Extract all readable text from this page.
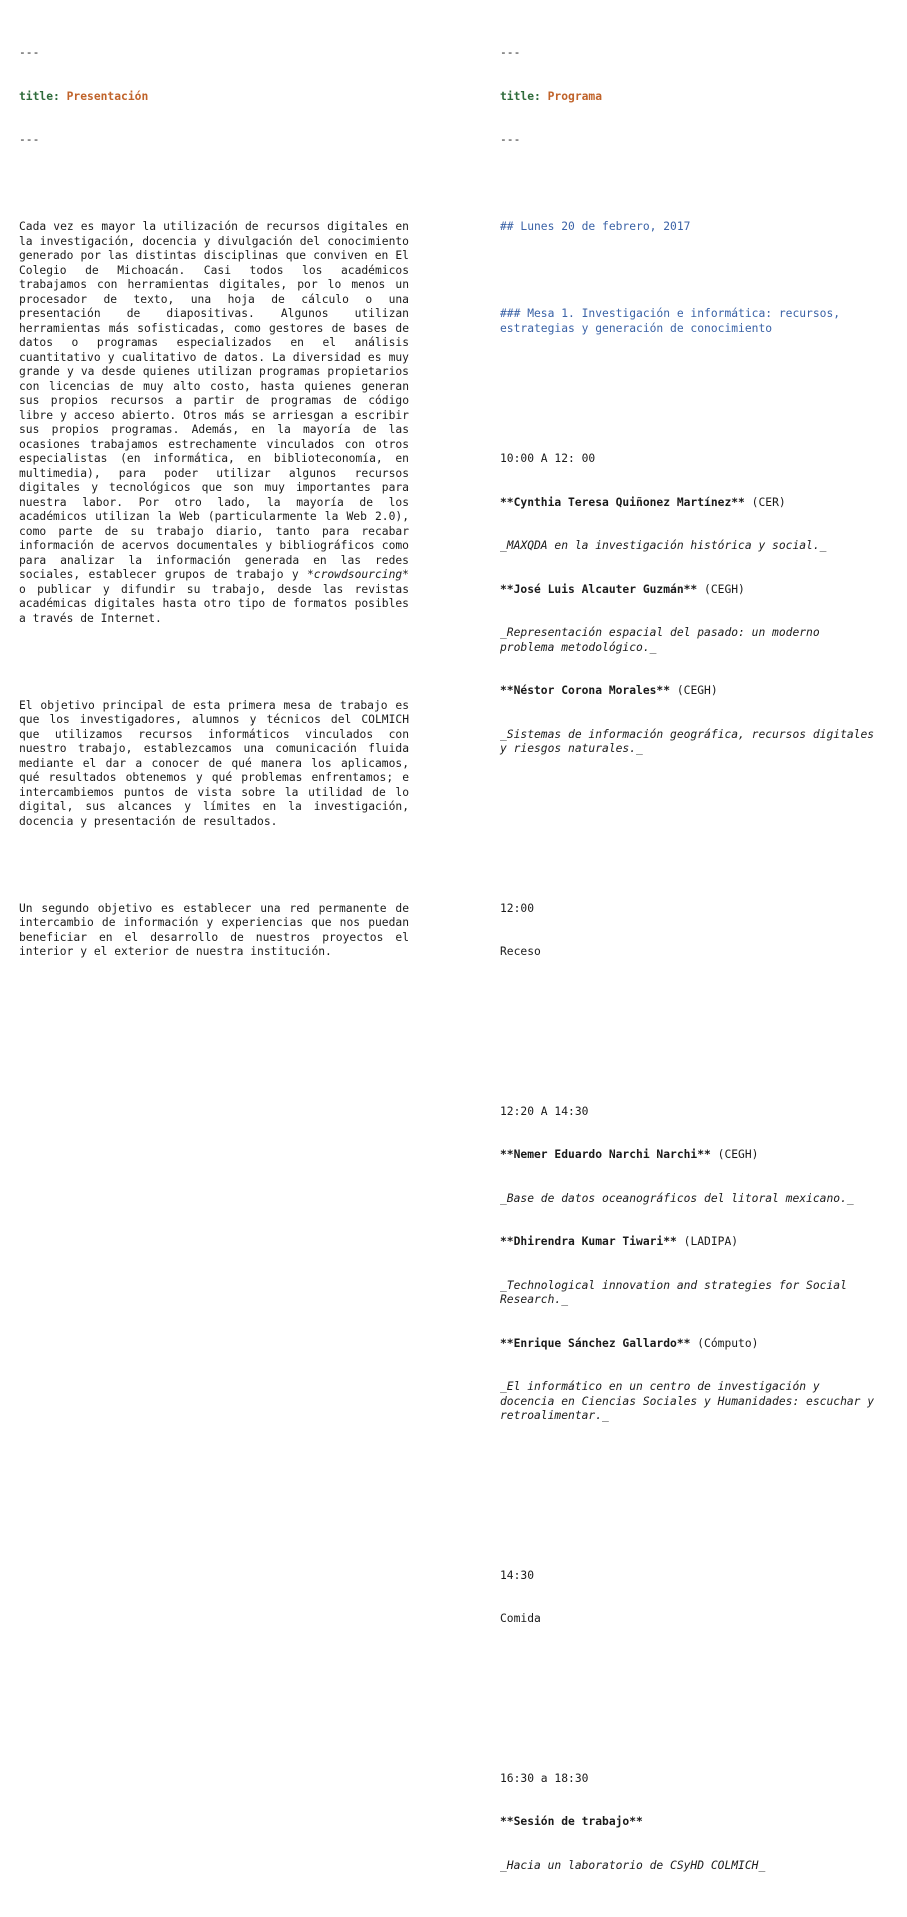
---

title: Presentación

---

Cada vez es mayor la utilización de recursos digitales en la investigación, docencia y divulgación del conocimiento generado por las distintas disciplinas que conviven en El Colegio de Michoacán. Casi todos los académicos trabajamos con herramientas digitales, por lo menos un procesador de texto, una hoja de cálculo o una presentación de diapositivas. Algunos utilizan herramientas más sofisticadas, como gestores de bases de datos o programas especializados en el análisis cuantitativo y cualitativo de datos. La diversidad es muy grande y va desde quienes utilizan programas propietarios con licencias de muy alto costo, hasta quienes generan sus propios recursos a partir de programas de código libre y acceso abierto. Otros más se arriesgan a escribir sus propios programas. Además, en la mayoría de las ocasiones trabajamos estrechamente vinculados con otros especialistas (en informática, en biblioteconomía, en multimedia), para poder utilizar algunos recursos digitales y tecnológicos que son muy importantes para nuestra labor. Por otro lado, la mayoría de los académicos utilizan la Web (particularmente la Web 2.0), como parte de su trabajo diario, tanto para recabar información de acervos documentales y bibliográficos como para analizar la información generada en las redes sociales, establecer grupos de trabajo y *crowdsourcing* o publicar y difundir su trabajo, desde las revistas académicas digitales hasta otro tipo de formatos posibles a través de Internet.

El objetivo principal de esta primera mesa de trabajo es que los investigadores, alumnos y técnicos del COLMICH que utilizamos recursos informáticos vinculados con nuestro trabajo, establezcamos una comunicación fluida mediante el dar a conocer de qué manera los aplicamos, qué resultados obtenemos y qué problemas enfrentamos; e intercambiemos puntos de vista sobre la utilidad de lo digital, sus alcances y límites en la investigación, docencia y presentación de resultados.

Un segundo objetivo es establecer una red permanente de intercambio de información y experiencias que nos puedan beneficiar en el desarrollo de nuestros proyectos el interior y el exterior de nuestra institución.

---

title: Programa

---

## Lunes 20 de febrero, 2017

### Mesa 1. Investigación e informática: recursos, estrategias y generación de conocimiento

10:00 A 12: 00

**Cynthia Teresa Quiñonez Martínez** (CER)

_MAXQDA en la investigación histórica y social._

**José Luis Alcauter Guzmán** (CEGH)

_Representación espacial del pasado: un moderno problema metodológico._

**Néstor Corona Morales** (CEGH)

_Sistemas de información geográfica, recursos digitales y riesgos naturales._

12:00

Receso

12:20 A 14:30

**Nemer Eduardo Narchi Narchi** (CEGH)

_Base de datos oceanográficos del litoral mexicano._

**Dhirendra Kumar Tiwari** (LADIPA)

_Technological innovation and strategies for Social Research._

**Enrique Sánchez Gallardo** (Cómputo)

_El informático en un centro de investigación y docencia en Ciencias Sociales y Humanidades: escuchar y retroalimentar._

14:30

Comida

16:30 a 18:30

**Sesión de trabajo**

_Hacia un laboratorio de CSyHD COLMICH_
